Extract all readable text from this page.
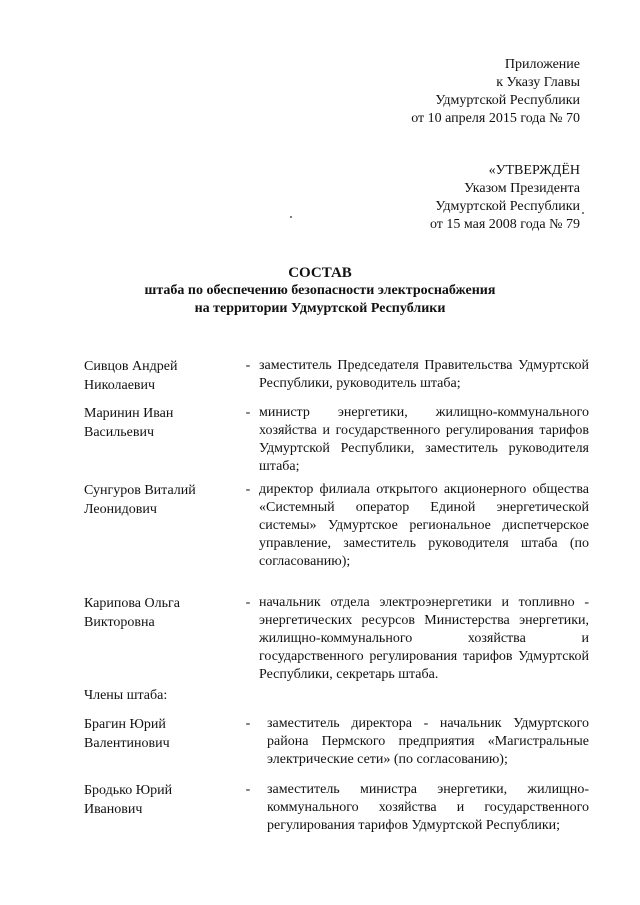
Приложение
к Указу Главы
Удмуртской Республики
от 10 апреля 2015 года № 70
«УТВЕРЖДЁН
Указом Президента
Удмуртской Республики
от 15 мая 2008 года № 79
СОСТАВ
штаба по обеспечению безопасности электроснабжения
на территории Удмуртской Республики
Сивцов Андрей
Николаевич
- заместитель Председателя Правительства Удмуртской Республики, руководитель штаба;
Маринин Иван
Васильевич
- министр энергетики, жилищно-коммунального хозяйства и государственного регулирования тарифов Удмуртской Республики, заместитель руководителя штаба;
Сунгуров Виталий
Леонидович
- директор филиала открытого акционерного общества «Системный оператор Единой энергетической системы» Удмуртское региональное диспетчерское управление, заместитель руководителя штаба (по согласованию);
Карипова Ольга
Викторовна
- начальник отдела электроэнергетики и топливно - энергетических ресурсов Министерства энергетики, жилищно-коммунального хозяйства и государственного регулирования тарифов Удмуртской Республики, секретарь штаба.
Члены штаба:
Брагин Юрий
Валентинович
- заместитель директора - начальник Удмуртского района Пермского предприятия «Магистральные электрические сети» (по согласованию);
Бродько Юрий
Иванович
- заместитель министра энергетики, жилищно-коммунального хозяйства и государственного регулирования тарифов Удмуртской Республики;
